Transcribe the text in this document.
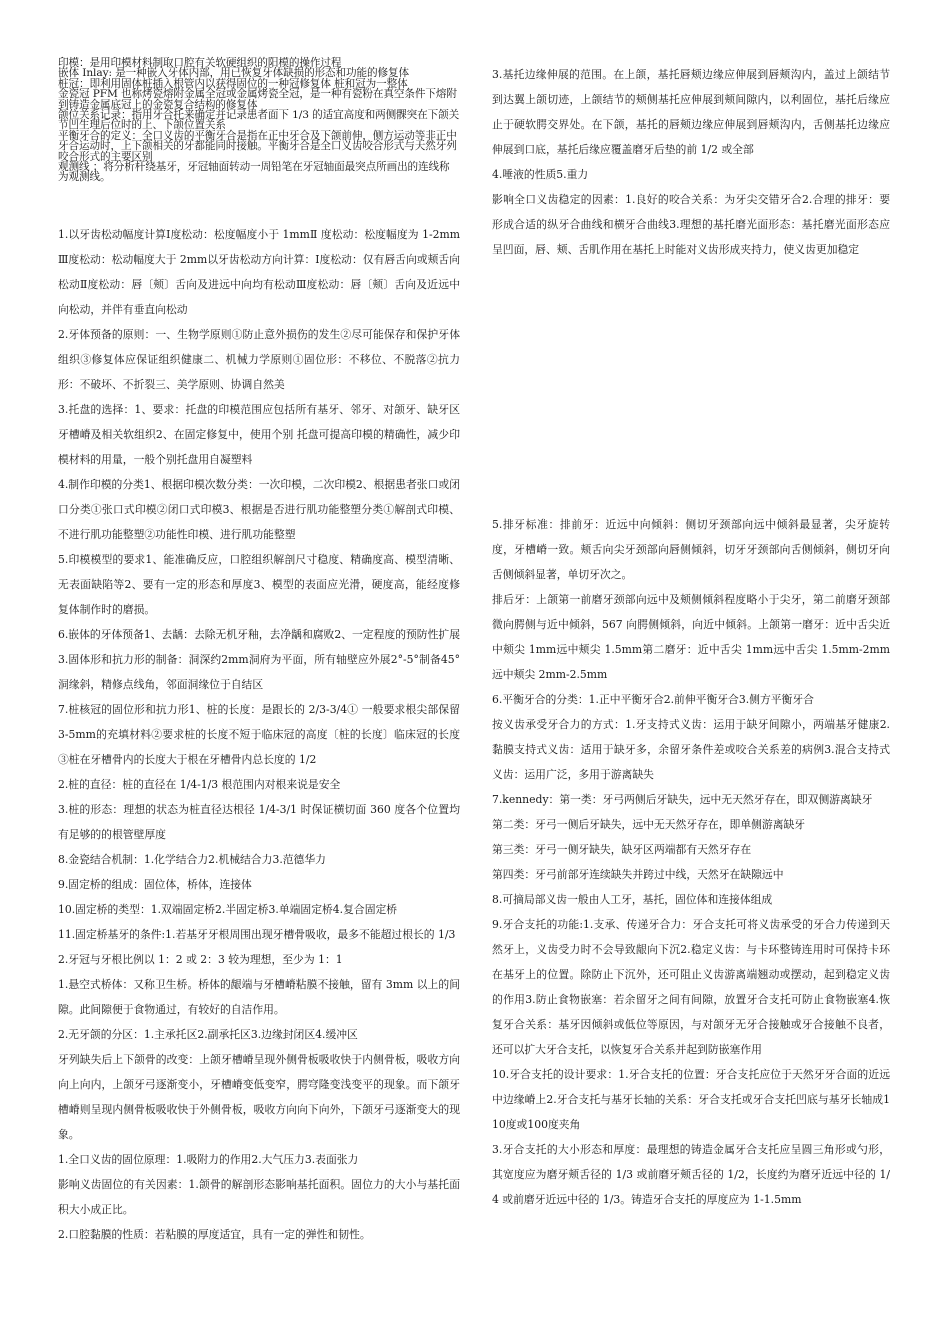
印模：是用印模材料制取口腔有关软硬组织的阳模的操作过程
嵌体 Inlay: 是一种嵌入牙体内部，用已恢复牙体缺损的形态和功能的修复体
桩冠：即利用固体桩插入根管内以获得固位的一种冠修复体 桩和冠为一整体
金瓷冠 PFM 也称烤瓷熔附金属全冠或金属烤瓷全冠，是一种有瓷粉在真空条件下熔附到铸造金属底冠上的金瓷复合结构的修复体
颌位关系记录：指用牙合托来确定并记录患者面下 1/3 的适宜高度和两侧髁突在下颌关节凹生理后位时的上、下颌位置关系
平衡牙合的定义：全口义齿的平衡牙合是指在正中牙合及下颌前伸，侧方运动等非正中牙合运动时，上下颌相关的牙都能同时接触。平衡牙合是全口义齿咬合形式与天然牙列咬合形式的主要区别
观测线 ；将分析杆绕基牙，牙冠轴面转动一周铅笔在牙冠轴面最突点所画出的连线称为观测线。

1.以牙齿松动幅度计算Ⅰ度松动：松度幅度小于 1mmⅡ 度松动：松度幅度为 1-2mmⅢ度松动：松动幅度大于 2mm以牙齿松动方向计算：Ⅰ度松动：仅有唇舌向或颊舌向松动Ⅱ度松动：唇〔颊〕舌向及进远中向均有松动Ⅲ度松动：唇〔颊〕舌向及近远中向松动，并伴有垂直向松动

2.牙体预备的原则：一、生物学原则①防止意外损伤的发生②尽可能保存和保护牙体组织③修复体应保证组织健康二、机械力学原则①固位形：不移位、不脱落②抗力形：不破坏、不折裂三、美学原则、协调自然美

3.托盘的选择：1、要求：托盘的印模范围应包括所有基牙、邻牙、对颌牙、缺牙区牙槽嵴及相关软组织2、在固定修复中，使用个别 托盘可提高印模的精确性，减少印模材料的用量，一般个别托盘用自凝塑料

4.制作印模的分类1、根据印模次数分类：一次印模，二次印模2、根据患者张口或闭口分类①张口式印模②闭口式印模3、根据是否进行肌功能整塑分类①解剖式印模、不进行肌功能整塑②功能性印模、进行肌功能整塑

5.印模模型的要求1、能准确反应，口腔组织解剖尺寸稳度、精确度高、模型清晰、无表面缺陷等2、要有一定的形态和厚度3、模型的表面应光滑，硬度高，能经度修复体制作时的磨损。

6.嵌体的牙体预备1、去龋：去除无机牙釉，去净龋和腐败2、一定程度的预防性扩展3.固体形和抗力形的制备：洞深约2mm洞府为平面，所有轴壁应外展2°-5°制备45°洞缘斜，精修点线角，邻面洞缘位于自结区

7.桩核冠的固位形和抗力形1、桩的长度：是跟长的 2/3-3/4① 一般要求根尖部保留 3-5mm的充填材料②要求桩的长度不短于临床冠的高度〔桩的长度〕临床冠的长度③桩在牙槽骨内的长度大于根在牙槽骨内总长度的 1/2

2.桩的直径：桩的直径在 1/4-1/3 根范围内对根来说是安全

3.桩的形态：理想的状态为桩直径达根径 1/4-3/1 时保证横切面 360 度各个位置均有足够的的根管壁厚度

8.金瓷结合机制：1.化学结合力2.机械结合力3.范德华力

9.固定桥的组成：固位体，桥体，连接体

10.固定桥的类型：1.双端固定桥2.半固定桥3.单端固定桥4.复合固定桥

11.固定桥基牙的条件:1.若基牙牙根周围出现牙槽骨吸收，最多不能超过根长的 1/3

2.牙冠与牙根比例以 1：2 或 2：3 较为理想，至少为 1：1

1.悬空式桥体：又称卫生桥。桥体的龈端与牙槽嵴粘膜不接触，留有 3mm 以上的间隙。此间隙便于食物通过，有较好的自洁作用。

2.无牙颌的分区：1.主承托区2.副承托区3.边缘封闭区4.缓冲区

牙列缺失后上下颌骨的改变：上颌牙槽嵴呈现外侧骨板吸收快于内侧骨板，吸收方向向上向内，上颌牙弓逐渐变小，牙槽嵴变低变窄，腭穹隆变浅变平的现象。而下颌牙槽嵴则呈现内侧骨板吸收快于外侧骨板，吸收方向向下向外，下颌牙弓逐渐变大的现象。

1.全口义齿的固位原理：1.吸附力的作用2.大气压力3.表面张力

影响义齿固位的有关因素：1.颌骨的解剖形态影响基托面积。固位力的大小与基托面积大小成正比。

2.口腔黏膜的性质：若粘膜的厚度适宜，具有一定的弹性和韧性。

3.基托边缘伸展的范围。在上颌，基托唇颊边缘应伸展到唇颊沟内，盖过上颌结节到达翼上颌切迹，上颌结节的颊侧基托应伸展到颊间隙内，以利固位，基托后缘应止于硬软腭交界处。在下颌，基托的唇颊边缘应伸展到唇颊沟内，舌侧基托边缘应伸展到口底，基托后缘应覆盖磨牙后垫的前 1/2 或全部

4.唾液的性质5.重力

影响全口义齿稳定的因素：1.良好的咬合关系：为牙尖交错牙合2.合理的排牙：要形成合适的纵牙合曲线和横牙合曲线3.理想的基托磨光面形态：基托磨光面形态应呈凹面，唇、颊、舌肌作用在基托上时能对义齿形成夹持力，使义齿更加稳定

5.排牙标准：排前牙：近远中向倾斜：侧切牙颈部向远中倾斜最显著，尖牙旋转度，牙槽嵴一致。颊舌向尖牙颈部向唇侧倾斜，切牙牙颈部向舌侧倾斜，侧切牙向舌侧倾斜显著，单切牙次之。

排后牙：上颌第一前磨牙颈部向远中及颊侧倾斜程度略小于尖牙，第二前磨牙颈部微向腭侧与近中倾斜，567 向腭侧倾斜，向近中倾斜。上颌第一磨牙：近中舌尖近中颊尖 1mm远中颊尖 1.5mm第二磨牙：近中舌尖 1mm远中舌尖 1.5mm-2mm远中颊尖 2mm-2.5mm

6.平衡牙合的分类：1.正中平衡牙合2.前伸平衡牙合3.侧方平衡牙合

按义齿承受牙合力的方式：1.牙支持式义齿：运用于缺牙间隙小，两端基牙健康2.黏膜支持式义齿：适用于缺牙多，余留牙条件差或咬合关系差的病例3.混合支持式义齿：运用广泛，多用于游离缺失

7.kennedy：第一类：牙弓两侧后牙缺失，远中无天然牙存在，即双侧游离缺牙

第二类：牙弓一侧后牙缺失，远中无天然牙存在，即单侧游离缺牙

第三类：牙弓一侧牙缺失，缺牙区两端都有天然牙存在

第四类：牙弓前部牙连续缺失并跨过中线，天然牙在缺隙远中

8.可摘局部义齿一般由人工牙，基托，固位体和连接体组成

9.牙合支托的功能:1.支承、传递牙合力：牙合支托可将义齿承受的牙合力传递到天然牙上，义齿受力时不会导致龈向下沉2.稳定义齿：与卡环整铸连用时可保持卡环在基牙上的位置。除防止下沉外，还可阻止义齿游离端翘动或摆动，起到稳定义齿的作用3.防止食物嵌塞：若余留牙之间有间隙，放置牙合支托可防止食物嵌塞4.恢复牙合关系：基牙因倾斜或低位等原因，与对颌牙无牙合接触或牙合接触不良者，还可以扩大牙合支托，以恢复牙合关系并起到防嵌塞作用

10.牙合支托的设计要求：1.牙合支托的位置：牙合支托应位于天然牙牙合面的近远中边缘嵴上2.牙合支托与基牙长轴的关系：牙合支托或牙合支托凹底与基牙长轴成110度或100度夹角

3.牙合支托的大小形态和厚度：最理想的铸造金属牙合支托应呈圆三角形或勺形，其宽度应为磨牙颊舌径的 1/3 或前磨牙颊舌径的 1/2，长度约为磨牙近远中径的 1/4 或前磨牙近远中径的 1/3。铸造牙合支托的厚度应为 1-1.5mm
